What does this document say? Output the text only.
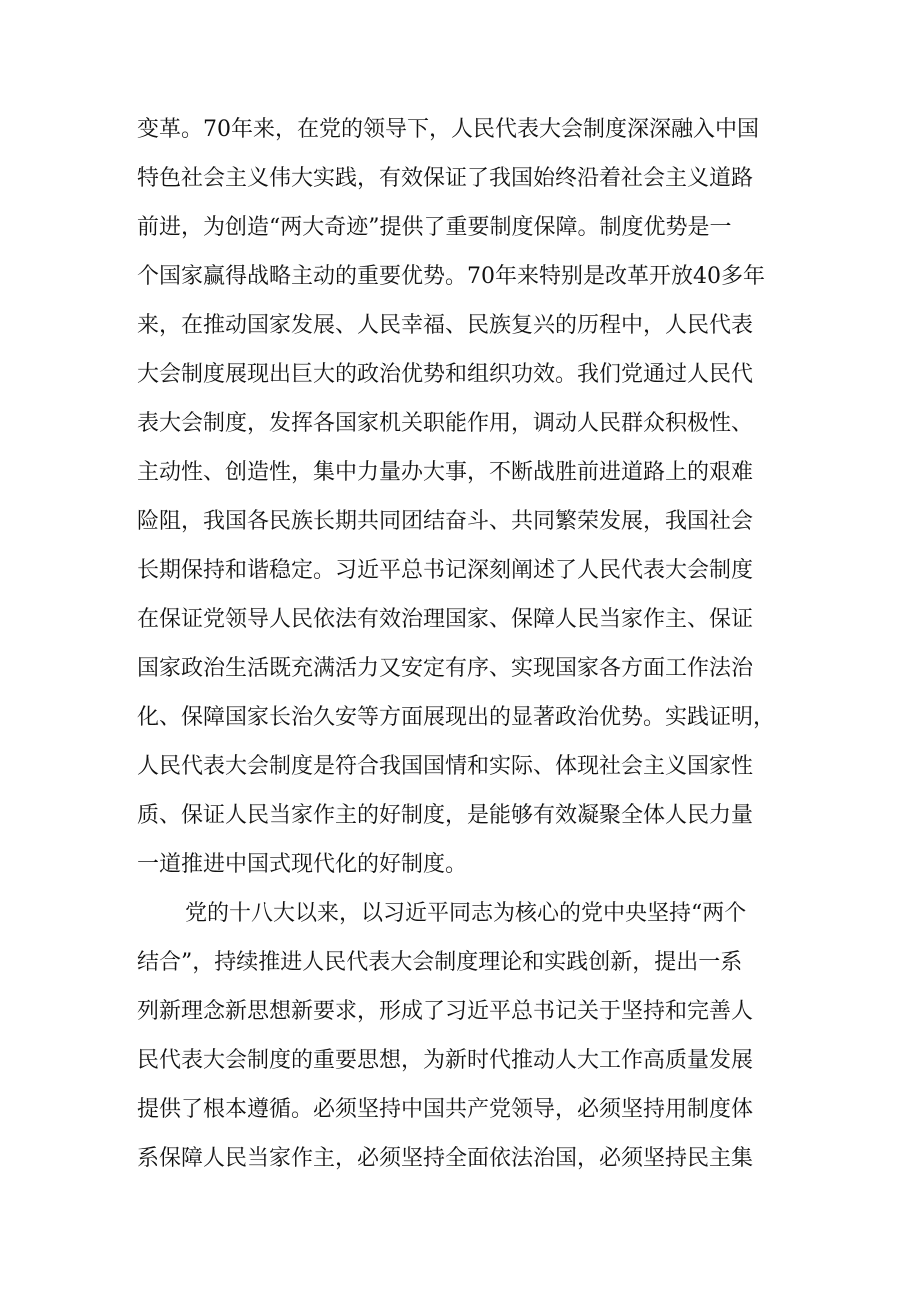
变革。70年来，在党的领导下，人民代表大会制度深深融入中国
特色社会主义伟大实践，有效保证了我国始终沿着社会主义道路
前进，为创造“两大奇迹”提供了重要制度保障。制度优势是一
个国家赢得战略主动的重要优势。70年来特别是改革开放40多年
来，在推动国家发展、人民幸福、民族复兴的历程中，人民代表
大会制度展现出巨大的政治优势和组织功效。我们党通过人民代
表大会制度，发挥各国家机关职能作用，调动人民群众积极性、
主动性、创造性，集中力量办大事，不断战胜前进道路上的艰难
险阻，我国各民族长期共同团结奋斗、共同繁荣发展，我国社会
长期保持和谐稳定。习近平总书记深刻阐述了人民代表大会制度
在保证党领导人民依法有效治理国家、保障人民当家作主、保证
国家政治生活既充满活力又安定有序、实现国家各方面工作法治
化、保障国家长治久安等方面展现出的显著政治优势。实践证明，
人民代表大会制度是符合我国国情和实际、体现社会主义国家性
质、保证人民当家作主的好制度，是能够有效凝聚全体人民力量
一道推进中国式现代化的好制度。
党的十八大以来，以习近平同志为核心的党中央坚持“两个
结合”，持续推进人民代表大会制度理论和实践创新，提出一系
列新理念新思想新要求，形成了习近平总书记关于坚持和完善人
民代表大会制度的重要思想，为新时代推动人大工作高质量发展
提供了根本遵循。必须坚持中国共产党领导，必须坚持用制度体
系保障人民当家作主，必须坚持全面依法治国，必须坚持民主集
